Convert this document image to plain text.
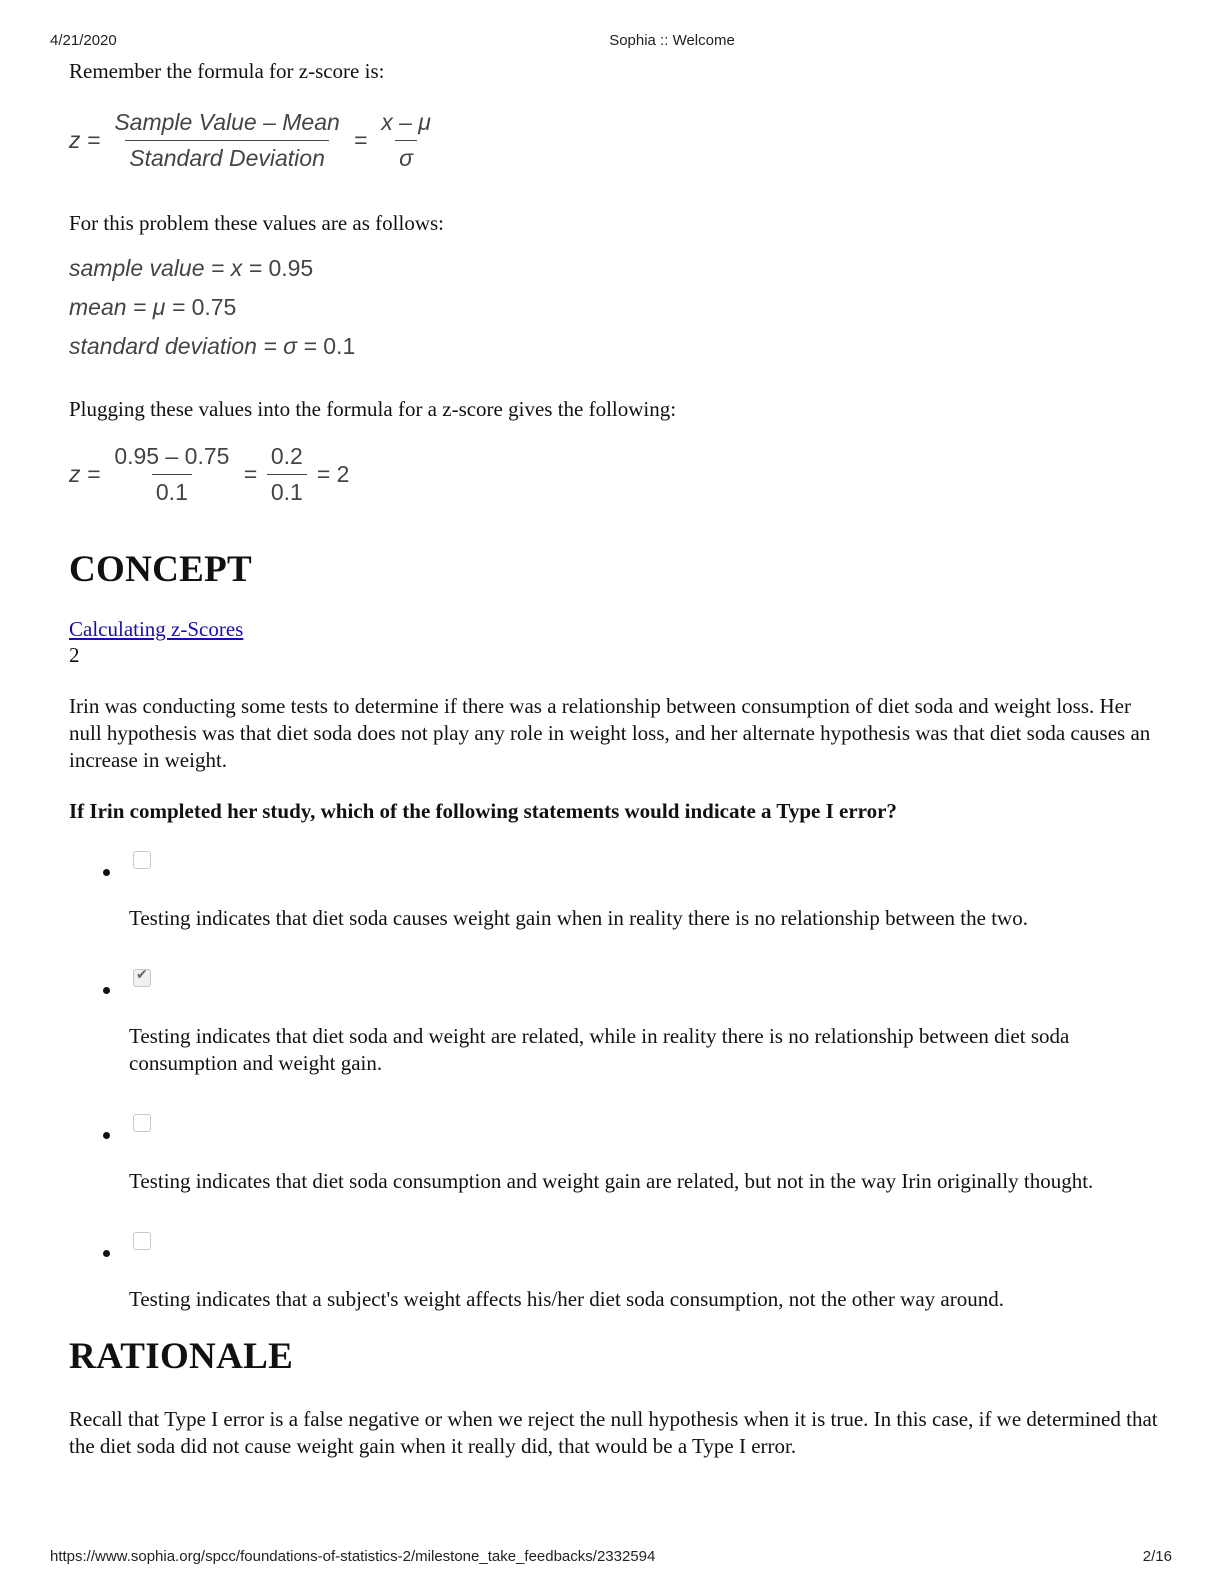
4/21/2020	Sophia :: Welcome

Remember the formula for z-score is:

$z = \frac{\text{Sample Value – Mean}}{\text{Standard Deviation}} = \frac{x - \mu}{\sigma}$

For this problem these values are as follows:

sample value = x = 0.95
mean = μ = 0.75
standard deviation = σ = 0.1

Plugging these values into the formula for a z-score gives the following:

$z = \frac{0.95 - 0.75}{0.1} = \frac{0.2}{0.1} = 2$
CONCEPT
Calculating z-Scores

2

Irin was conducting some tests to determine if there was a relationship between consumption of diet soda and weight loss. Her null hypothesis was that diet soda does not play any role in weight loss, and her alternate hypothesis was that diet soda causes an increase in weight.

If Irin completed her study, which of the following statements would indicate a Type I error?

Testing indicates that diet soda causes weight gain when in reality there is no relationship between the two.
✔
Testing indicates that diet soda and weight are related, while in reality there is no relationship between diet soda consumption and weight gain.
Testing indicates that diet soda consumption and weight gain are related, but not in the way Irin originally thought.
Testing indicates that a subject's weight affects his/her diet soda consumption, not the other way around.
RATIONALE

Recall that Type I error is a false negative or when we reject the null hypothesis when it is true. In this case, if we determined that the diet soda did not cause weight gain when it really did, that would be a Type I error.

https://www.sophia.org/spcc/foundations-of-statistics-2/milestone_take_feedbacks/2332594	2/16
